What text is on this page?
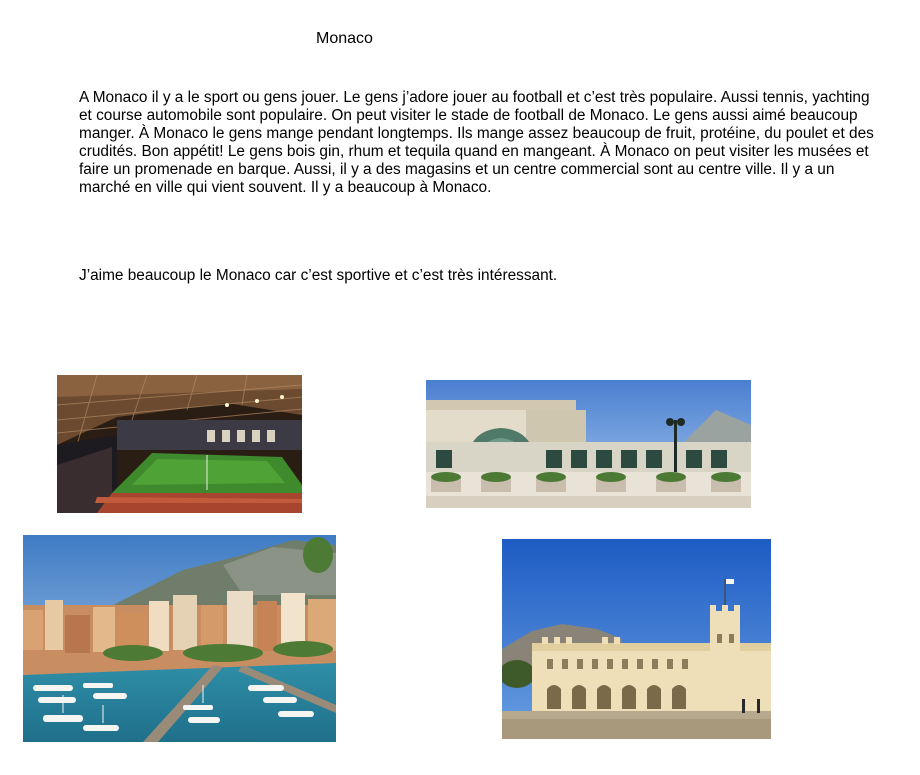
Monaco

A Monaco il y a le sport ou gens jouer. Le gens j’adore jouer au football et c’est très populaire. Aussi tennis, yachting et course automobile sont populaire. On peut visiter le stade de football de Monaco. Le gens aussi aimé beaucoup manger. À Monaco le gens mange pendant longtemps. Ils mange assez beaucoup de fruit, protéine, du poulet et des crudités. Bon appétit! Le gens bois gin, rhum et tequila quand en mangeant. À Monaco on peut visiter les musées et faire un promenade en barque. Aussi, il y a des magasins et un centre commercial sont au centre ville. Il y a un marché en ville qui vient souvent. Il y a beaucoup à Monaco.

J’aime beaucoup le Monaco car c’est sportive et c’est très intéressant.
